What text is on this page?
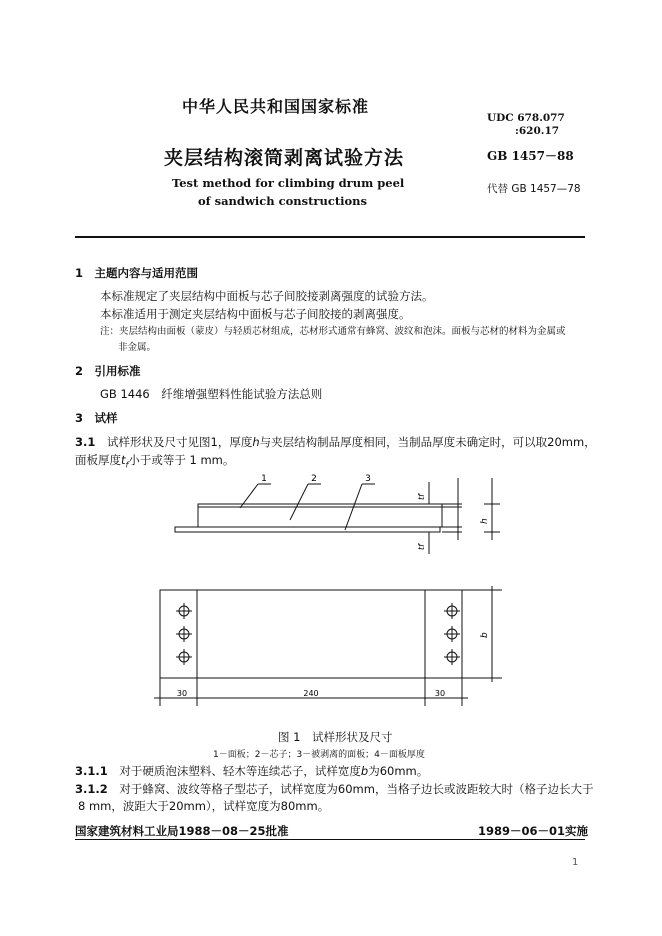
中华人民共和国国家标准
UDC 678.077
:620.17
夹层结构滚筒剥离试验方法	GB 1457－88
Test method for climbing drum peel
of sandwich constructions
代替 GB 1457—78
1　主题内容与适用范围
本标准规定了夹层结构中面板与芯子间胶接剥离强度的试验方法。
本标准适用于测定夹层结构中面板与芯子间胶接的剥离强度。
注：夹层结构由面板（蒙皮）与轻质芯材组成，芯材形式通常有蜂窝、波纹和泡沫。面板与芯材的材料为金属或
非金属。
2　引用标准
GB 1446　纤维增强塑料性能试验方法总则
3　试样
3.1 试样形状及尺寸见图1，厚度h与夹层结构制品厚度相同，当制品厚度未确定时，可以取20mm，
面板厚度$t_f$小于或等于 1 mm。
1	2	3
tf
tf
h
b
30	240	30
图 1　试样形状及尺寸
1－面板；2－芯子；3－被剥离的面板；4－面板厚度
3.1.1 对于硬质泡沫塑料、轻木等连续芯子，试样宽度b为60mm。
3.1.2 对于蜂窝、波纹等格子型芯子，试样宽度为60mm，当格子边长或波距较大时（格子边长大于
8 mm，波距大于20mm），试样宽度为80mm。
国家建筑材料工业局1988－08－25批准	1989－06－01实施
1
